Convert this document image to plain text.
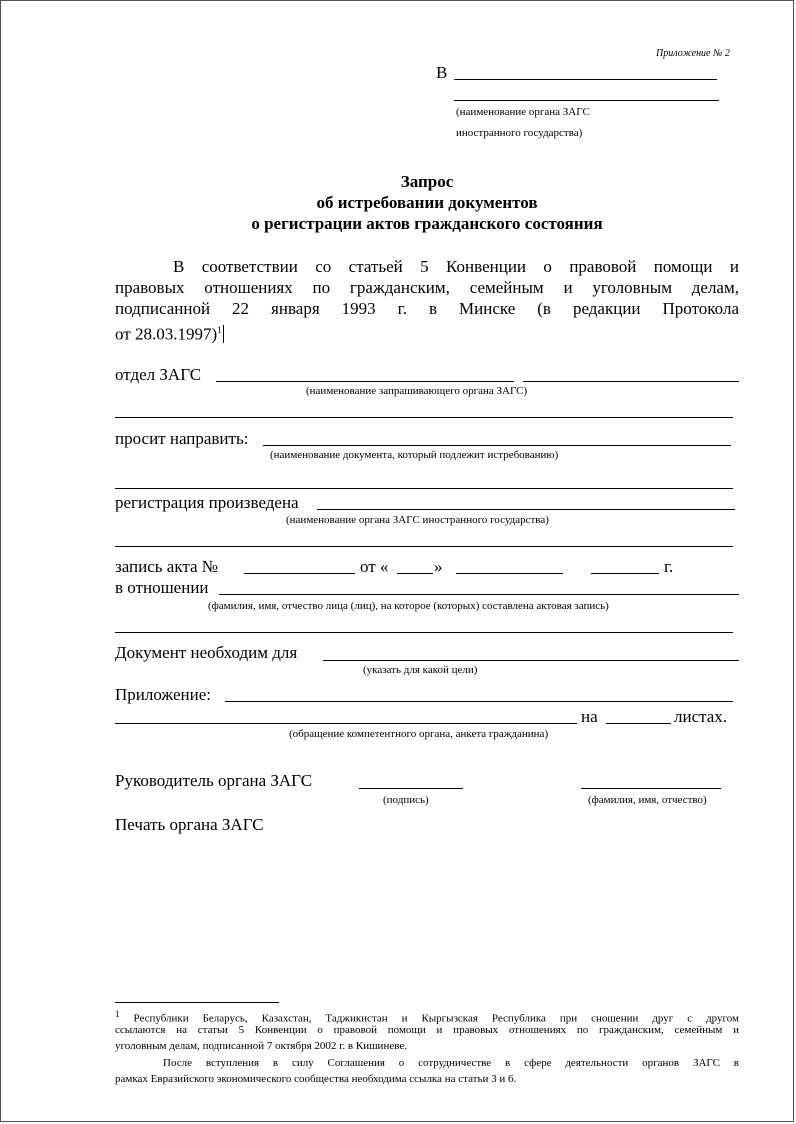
Приложение № 2
В
(наименование органа ЗАГС
иностранного государства)
Запрос
об истребовании документов
о регистрации актов гражданского состояния
В соответствии со статьей 5 Конвенции о правовой помощи и
правовых отношениях по гражданским, семейным и уголовным делам,
подписанной 22 января 1993 г. в Минске (в редакции Протокола
от 28.03.1997)$^1$
отдел ЗАГС
(наименование запрашивающего органа ЗАГС)
просит направить:
(наименование документа, который подлежит истребованию)
регистрация произведена
(наименование органа ЗАГС иностранного государства)
запись акта №	от «	»	г.
в отношении
(фамилия, имя, отчество лица (лиц), на которое (которых) составлена актовая запись)
Документ необходим для
(указать для какой цели)
Приложение:
на	листах.
(обращение компетентного органа, анкета гражданина)
Руководитель органа ЗАГС
(подпись)	(фамилия, имя, отчество)
Печать органа ЗАГС
$^1$ Республики Беларусь, Казахстан, Таджикистан и Кыргызская Республика при сношении друг с другом
ссылаются на статьи 5 Конвенции о правовой помощи и правовых отношениях по гражданским, семейным и
уголовным делам, подписанной 7 октября 2002 г. в Кишиневе.
После вступления в силу Соглашения о сотрудничестве в сфере деятельности органов ЗАГС в
рамках Евразийского экономического сообщества необходима ссылка на статьи 3 и 6.
